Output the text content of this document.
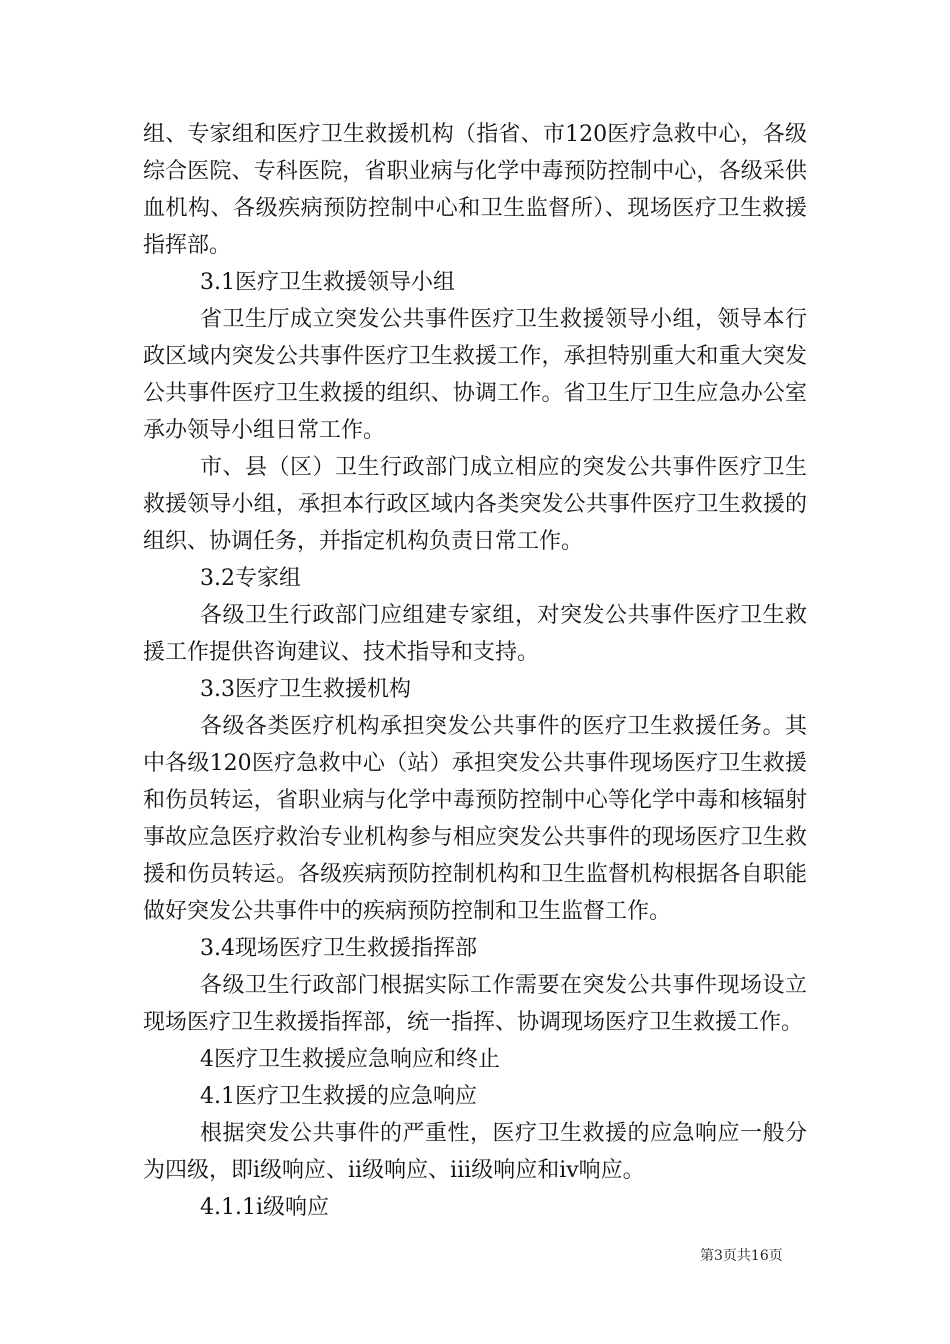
组、专家组和医疗卫生救援机构（指省、市120医疗急救中心，各级综合医院、专科医院，省职业病与化学中毒预防控制中心，各级采供血机构、各级疾病预防控制中心和卫生监督所）、现场医疗卫生救援指挥部。

3.1医疗卫生救援领导小组

省卫生厅成立突发公共事件医疗卫生救援领导小组，领导本行政区域内突发公共事件医疗卫生救援工作，承担特别重大和重大突发公共事件医疗卫生救援的组织、协调工作。省卫生厅卫生应急办公室承办领导小组日常工作。

市、县（区）卫生行政部门成立相应的突发公共事件医疗卫生救援领导小组，承担本行政区域内各类突发公共事件医疗卫生救援的组织、协调任务，并指定机构负责日常工作。

3.2专家组

各级卫生行政部门应组建专家组，对突发公共事件医疗卫生救援工作提供咨询建议、技术指导和支持。

3.3医疗卫生救援机构

各级各类医疗机构承担突发公共事件的医疗卫生救援任务。其中各级120医疗急救中心（站）承担突发公共事件现场医疗卫生救援和伤员转运，省职业病与化学中毒预防控制中心等化学中毒和核辐射事故应急医疗救治专业机构参与相应突发公共事件的现场医疗卫生救援和伤员转运。各级疾病预防控制机构和卫生监督机构根据各自职能做好突发公共事件中的疾病预防控制和卫生监督工作。

3.4现场医疗卫生救援指挥部

各级卫生行政部门根据实际工作需要在突发公共事件现场设立现场医疗卫生救援指挥部，统一指挥、协调现场医疗卫生救援工作。

4医疗卫生救援应急响应和终止

4.1医疗卫生救援的应急响应

根据突发公共事件的严重性，医疗卫生救援的应急响应一般分为四级，即ⅰ级响应、ⅱ级响应、ⅲ级响应和ⅳ响应。

4.1.1ⅰ级响应

第3页共16页
